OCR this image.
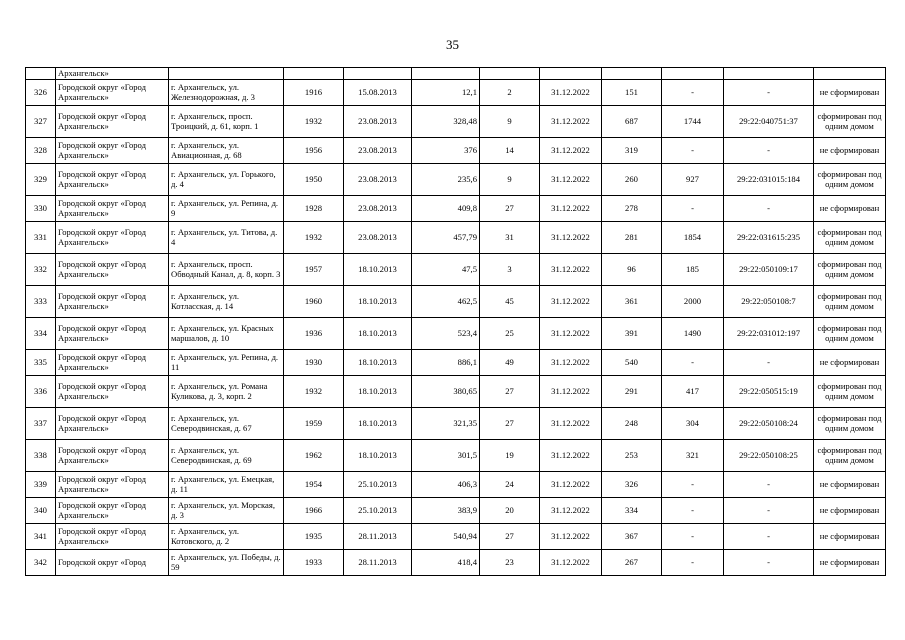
35
	Архангельск»										
326	Городской округ «Город Архангельск»	г. Архангельск, ул. Железнодорожная, д. 3	1916	15.08.2013	12,1	2	31.12.2022	151	-	-	не сформирован
327	Городской округ «Город Архангельск»	г. Архангельск, просп. Троицкий, д. 61, корп. 1	1932	23.08.2013	328,48	9	31.12.2022	687	1744	29:22:040751:37	сформирован под одним домом
328	Городской округ «Город Архангельск»	г. Архангельск, ул. Авиационная, д. 68	1956	23.08.2013	376	14	31.12.2022	319	-	-	не сформирован
329	Городской округ «Город Архангельск»	г. Архангельск, ул. Горького, д. 4	1950	23.08.2013	235,6	9	31.12.2022	260	927	29:22:031015:184	сформирован под одним домом
330	Городской округ «Город Архангельск»	г. Архангельск, ул. Репина, д. 9	1928	23.08.2013	409,8	27	31.12.2022	278	-	-	не сформирован
331	Городской округ «Город Архангельск»	г. Архангельск, ул. Титова, д. 4	1932	23.08.2013	457,79	31	31.12.2022	281	1854	29:22:031615:235	сформирован под одним домом
332	Городской округ «Город Архангельск»	г. Архангельск, просп. Обводный Канал, д. 8, корп. 3	1957	18.10.2013	47,5	3	31.12.2022	96	185	29:22:050109:17	сформирован под одним домом
333	Городской округ «Город Архангельск»	г. Архангельск, ул. Котласская, д. 14	1960	18.10.2013	462,5	45	31.12.2022	361	2000	29:22:050108:7	сформирован под одним домом
334	Городской округ «Город Архангельск»	г. Архангельск, ул. Красных маршалов, д. 10	1936	18.10.2013	523,4	25	31.12.2022	391	1490	29:22:031012:197	сформирован под одним домом
335	Городской округ «Город Архангельск»	г. Архангельск, ул. Репина, д. 11	1930	18.10.2013	886,1	49	31.12.2022	540	-	-	не сформирован
336	Городской округ «Город Архангельск»	г. Архангельск, ул. Романа Куликова, д. 3, корп. 2	1932	18.10.2013	380,65	27	31.12.2022	291	417	29:22:050515:19	сформирован под одним домом
337	Городской округ «Город Архангельск»	г. Архангельск, ул. Северодвинская, д. 67	1959	18.10.2013	321,35	27	31.12.2022	248	304	29:22:050108:24	сформирован под одним домом
338	Городской округ «Город Архангельск»	г. Архангельск, ул. Северодвинская, д. 69	1962	18.10.2013	301,5	19	31.12.2022	253	321	29:22:050108:25	сформирован под одним домом
339	Городской округ «Город Архангельск»	г. Архангельск, ул. Емецкая, д. 11	1954	25.10.2013	406,3	24	31.12.2022	326	-	-	не сформирован
340	Городской округ «Город Архангельск»	г. Архангельск, ул. Морская, д. 3	1966	25.10.2013	383,9	20	31.12.2022	334	-	-	не сформирован
341	Городской округ «Город Архангельск»	г. Архангельск, ул. Котовского, д. 2	1935	28.11.2013	540,94	27	31.12.2022	367	-	-	не сформирован
342	Городской округ «Город	г. Архангельск, ул. Победы, д. 59	1933	28.11.2013	418,4	23	31.12.2022	267	-	-	не сформирован
